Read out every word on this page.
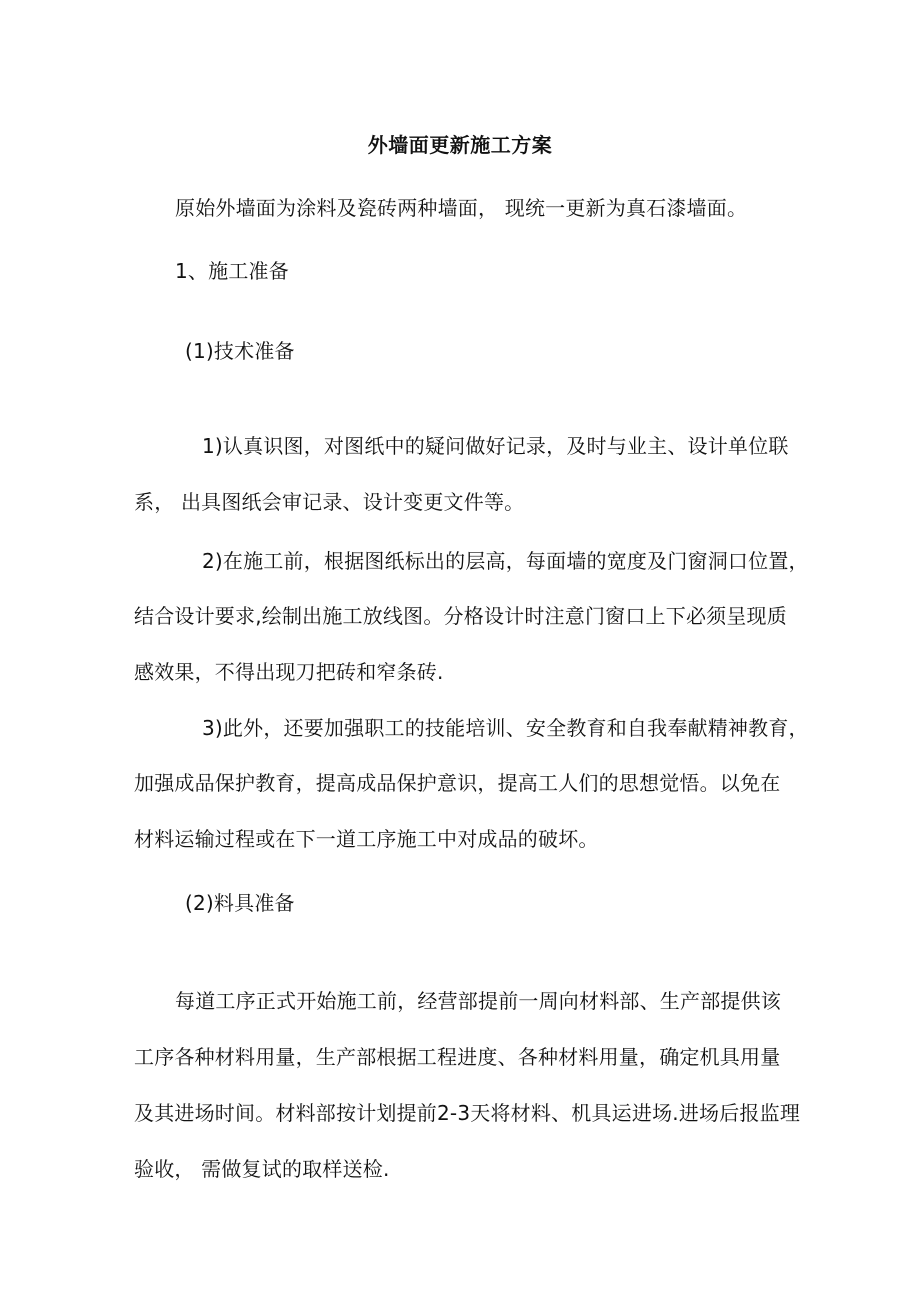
外墙面更新施工方案
原始外墙面为涂料及瓷砖两种墙面， 现统一更新为真石漆墙面。
1、施工准备
(1)技术准备
1)认真识图，对图纸中的疑问做好记录，及时与业主、设计单位联
系， 出具图纸会审记录、设计变更文件等。
2)在施工前，根据图纸标出的层高，每面墙的宽度及门窗洞口位置，
结合设计要求,绘制出施工放线图。分格设计时注意门窗口上下必须呈现质
感效果，不得出现刀把砖和窄条砖.
3)此外，还要加强职工的技能培训、安全教育和自我奉献精神教育，
加强成品保护教育，提高成品保护意识，提高工人们的思想觉悟。以免在
材料运输过程或在下一道工序施工中对成品的破坏。
(2)料具准备
每道工序正式开始施工前，经营部提前一周向材料部、生产部提供该
工序各种材料用量，生产部根据工程进度、各种材料用量，确定机具用量
及其进场时间。材料部按计划提前2-3天将材料、机具运进场.进场后报监理
验收， 需做复试的取样送检.
